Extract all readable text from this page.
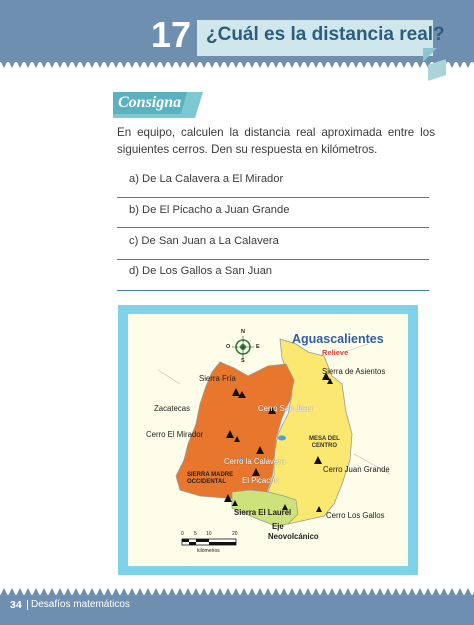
17 ¿Cuál es la distancia real?
Consigna
En equipo, calculen la distancia real aproximada entre los siguientes cerros. Den su respuesta en kilómetros.
a) De La Calavera a El Mirador
b) De El Picacho a Juan Grande
c) De San Juan a La Calavera
d) De Los Gallos a San Juan
Aguascalientes
Relieve
N
S
E
O
Sierra Fría
Sierra de Asientos
Zacatecas	Cerro San Juan
Cerro El Mirador	MESA DEL
CENTRO
Cerro Juan Grande
Cerro la Calavera
SIERRA MADRE
OCCIDENTAL	El Picacho
Cerro Los Gallos
Sierra El Laurel
Eje
Neovolcánico
0 5 10	20
kilómetros
34 Desafíos matemáticos
